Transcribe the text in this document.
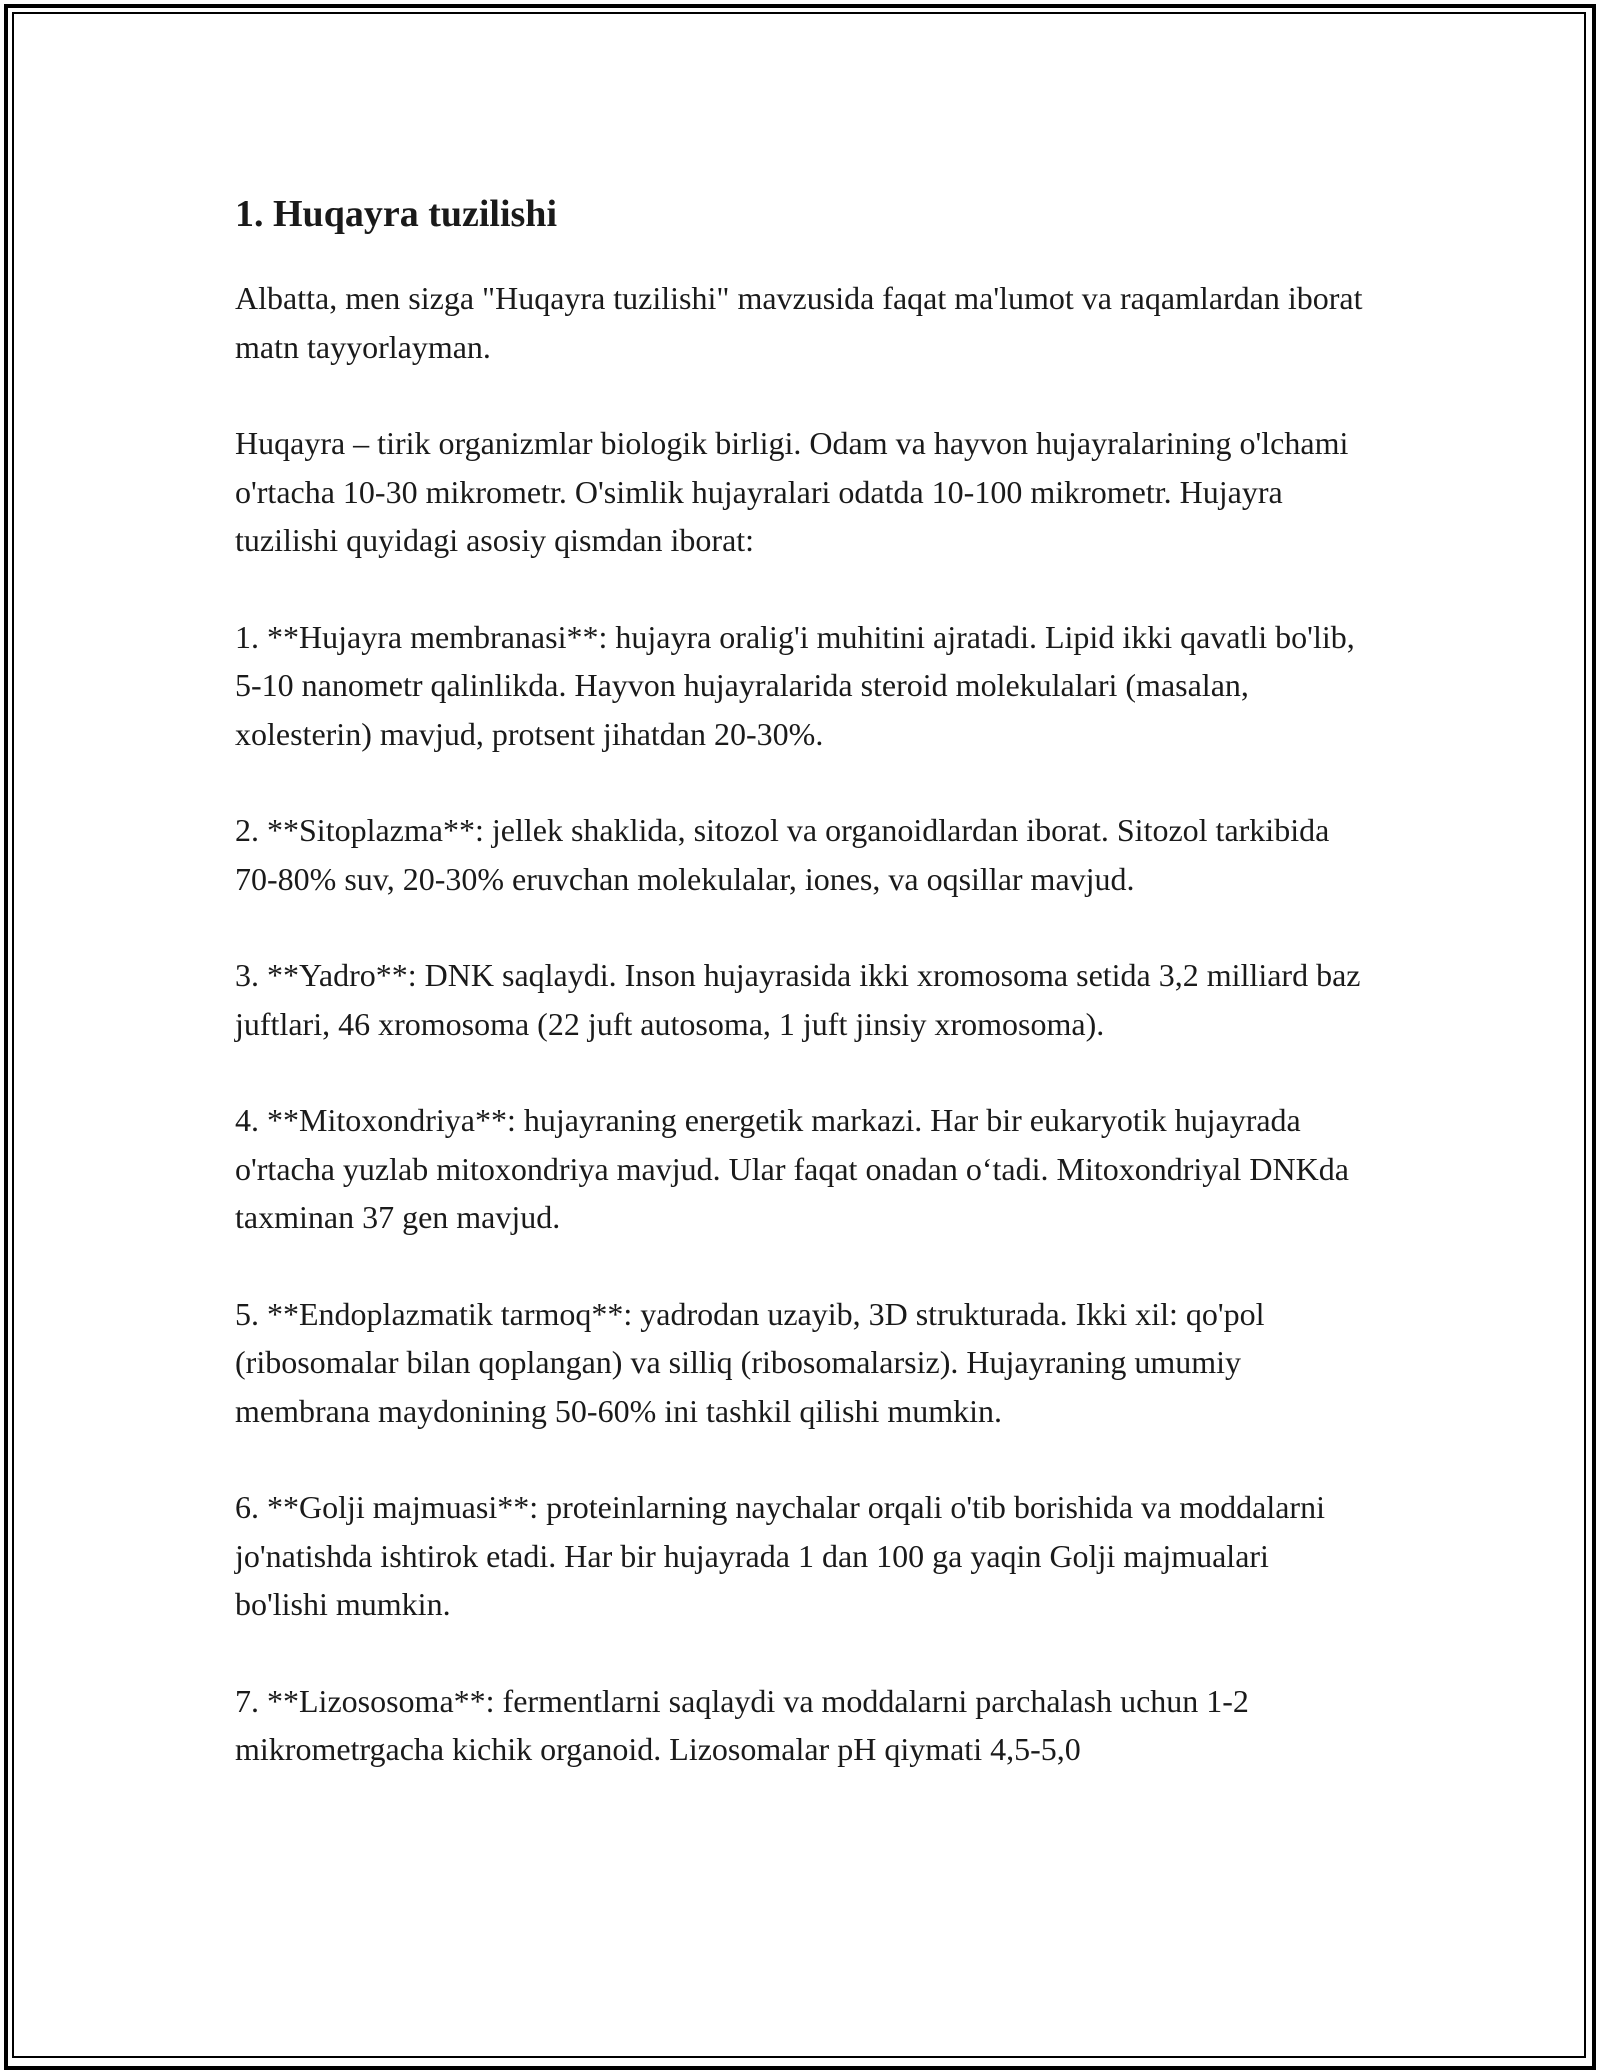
1. Huqayra tuzilishi

Albatta, men sizga "Huqayra tuzilishi" mavzusida faqat ma'lumot va raqamlardan iborat matn tayyorlayman.

Huqayra – tirik organizmlar biologik birligi. Odam va hayvon hujayralarining o'lchami o'rtacha 10-30 mikrometr. O'simlik hujayralari odatda 10-100 mikrometr. Hujayra tuzilishi quyidagi asosiy qismdan iborat:

1. **Hujayra membranasi**: hujayra oralig'i muhitini ajratadi. Lipid ikki qavatli bo'lib, 5-10 nanometr qalinlikda. Hayvon hujayralarida steroid molekulalari (masalan, xolesterin) mavjud, protsent jihatdan 20-30%.

2. **Sitoplazma**: jellek shaklida, sitozol va organoidlardan iborat. Sitozol tarkibida 70-80% suv, 20-30% eruvchan molekulalar, iones, va oqsillar mavjud.

3. **Yadro**: DNK saqlaydi. Inson hujayrasida ikki xromosoma setida 3,2 milliard baz juftlari, 46 xromosoma (22 juft autosoma, 1 juft jinsiy xromosoma).

4. **Mitoxondriya**: hujayraning energetik markazi. Har bir eukaryotik hujayrada o'rtacha yuzlab mitoxondriya mavjud. Ular faqat onadan o‘tadi. Mitoxondriyal DNKda taxminan 37 gen mavjud.

5. **Endoplazmatik tarmoq**: yadrodan uzayib, 3D strukturada. Ikki xil: qo'pol (ribosomalar bilan qoplangan) va silliq (ribosomalarsiz). Hujayraning umumiy membrana maydonining 50-60% ini tashkil qilishi mumkin.

6. **Golji majmuasi**: proteinlarning naychalar orqali o'tib borishida va moddalarni jo'natishda ishtirok etadi. Har bir hujayrada 1 dan 100 ga yaqin Golji majmualari bo'lishi mumkin.

7. **Lizososoma**: fermentlarni saqlaydi va moddalarni parchalash uchun 1-2 mikrometrgacha kichik organoid. Lizosomalar pH qiymati 4,5-5,0
